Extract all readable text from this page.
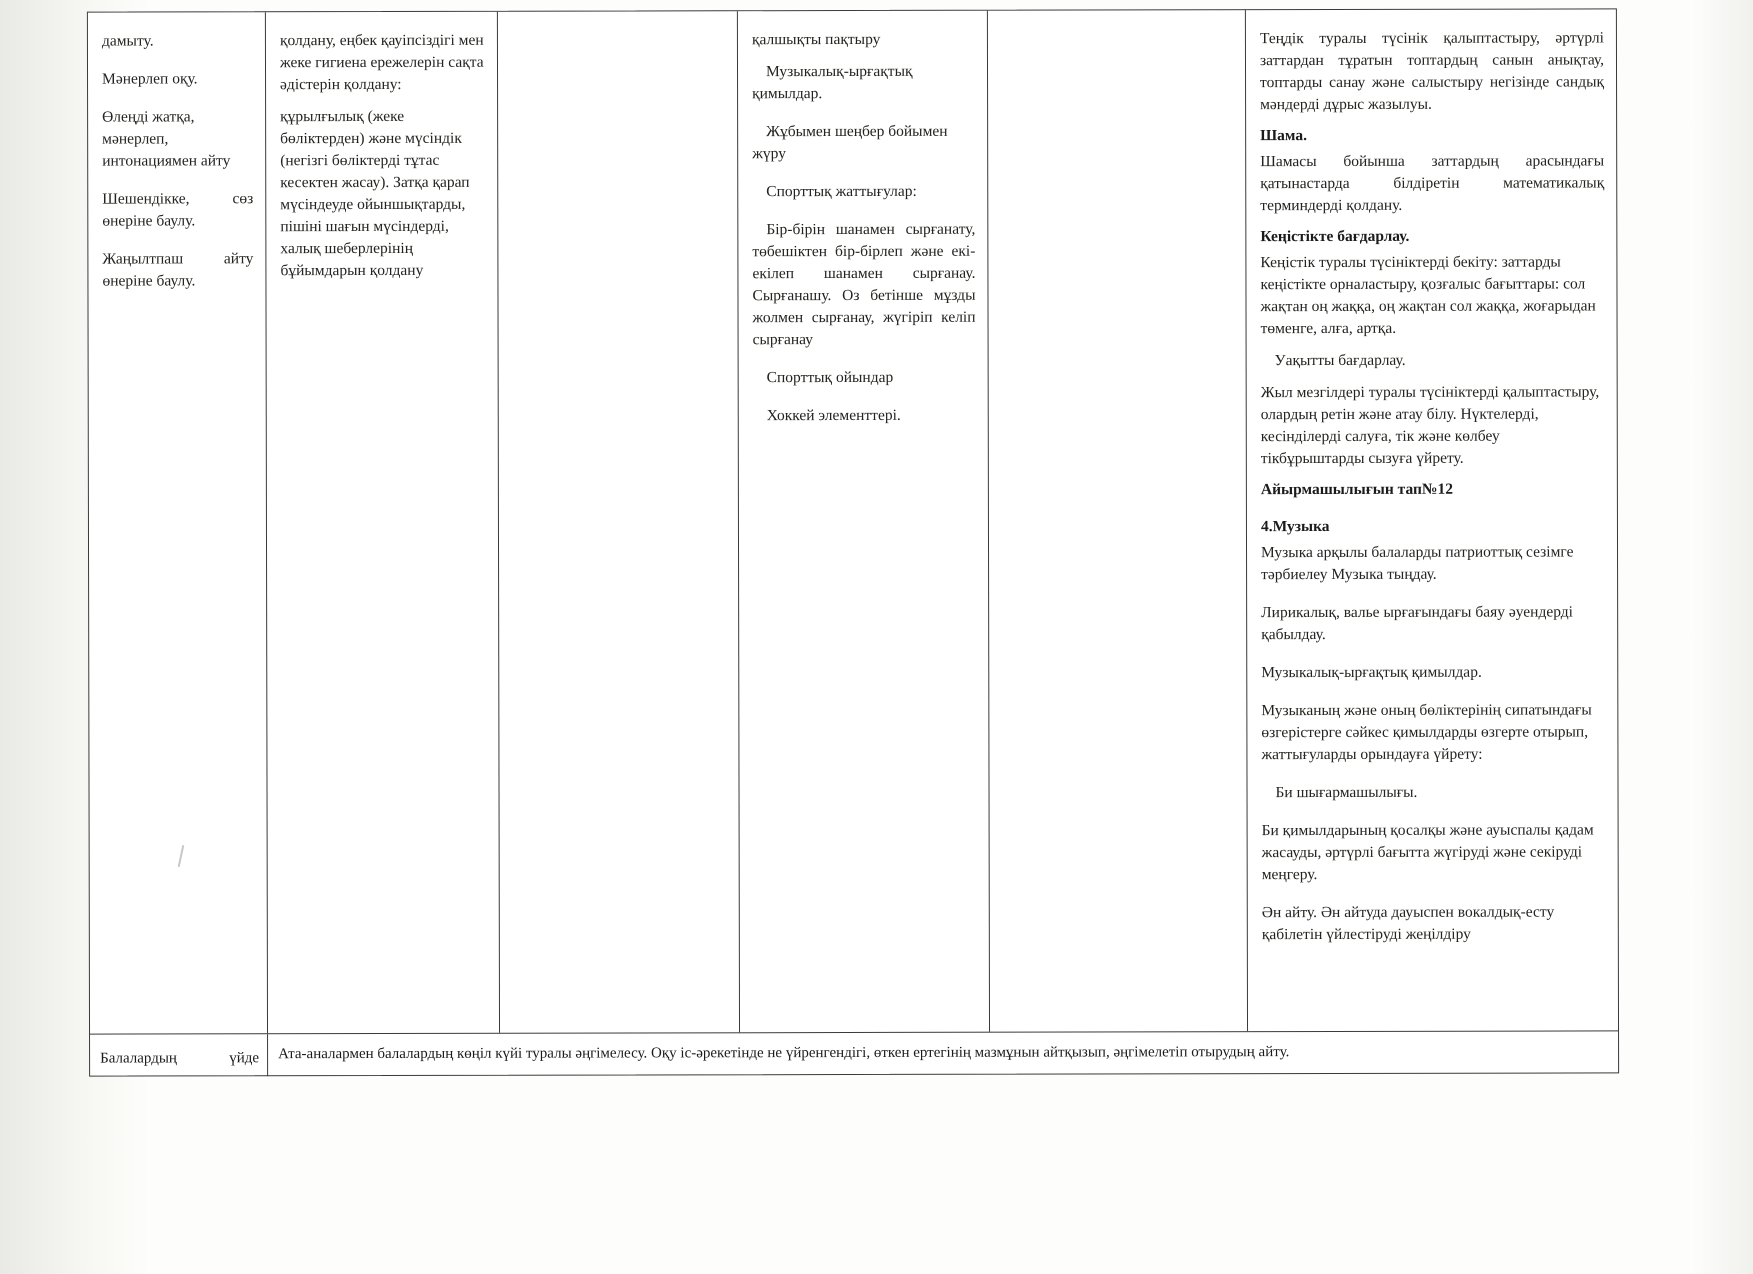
дамыту.

Мәнерлеп оқу.

Өлеңді жатқа, мәнерлеп, интонациямен айту

Шешендікке, сөз өнеріне баулу.

Жаңылтпаш айту өнеріне баулу.

қолдану, еңбек қауіпсіздігі мен жеке гигиена ережелерін сақта әдістерін қолдану:

құрылғылық (жеке бөліктерден) және мүсіндік (негізгі бөліктерді тұтас кесектен жасау). Затқа қарап мүсіндеуде ойыншықтарды, пішіні шағын мүсіндерді, халық шеберлерінің бұйымдарын қолдану

қалшықты пақтыру

Музыкалық-ырғақтық қимылдар.

Жұбымен шеңбер бойымен жүру

Спорттық жаттығулар:

Бір-бірін шанамен сырғанату, төбешіктен бір-бірлеп және екі-екілеп шанамен сырғанау. Сырғанашу. Оз бетінше мұзды жолмен сырғанау, жүгіріп келіп сырғанау

Спорттық ойындар

Хоккей элементтері.

Теңдік туралы түсінік қалыптастыру, әртүрлі заттардан тұратын топтардың санын анықтау, топтарды санау және салыстыру негізінде сандық мәндерді дұрыс жазылуы.

Шама.

Шамасы бойынша заттардың арасындағы қатынастарда білдіретін математикалық терминдерді қолдану.

Кеңістікте бағдарлау.

Кеңістік туралы түсініктерді бекіту: заттарды кеңістікте орналастыру, қозғалыс бағыттары: сол жақтан оң жаққа, оң жақтан сол жаққа, жоғарыдан төменге, алға, артқа.

Уақытты бағдарлау.

Жыл мезгілдері туралы түсініктерді қалыптастыру, олардың ретін және атау білу. Нүктелерді, кесінділерді салуға, тік және көлбеу тікбұрыштарды сызуға үйрету.

Айырмашылығын тап№12

4.Музыка

Музыка арқылы балаларды патриоттық сезімге тәрбиелеу Музыка тыңдау.

Лирикалық, валье ырғағындағы баяу әуендерді қабылдау.

Музыкалық-ырғақтық қимылдар.

Музыканың және оның бөліктерінің сипатындағы өзгерістерге сәйкес қимылдарды өзгерте отырып, жаттығуларды орындауға үйрету:

Би шығармашылығы.

Би қимылдарының қосалқы және ауыспалы қадам жасауды, әртүрлі бағытта жүгіруді және секіруді меңгеру.

Ән айту. Ән айтуда дауыспен вокалдық-есту қабілетін үйлестіруді жеңілдіру

Балалардың	үйде	Ата-аналармен балалардың көңіл күйі туралы әңгімелесу. Оқу іс-әрекетінде не үйренгендігі, өткен ертегінің мазмұнын айтқызып, әңгімелетіп отырудың айту.
